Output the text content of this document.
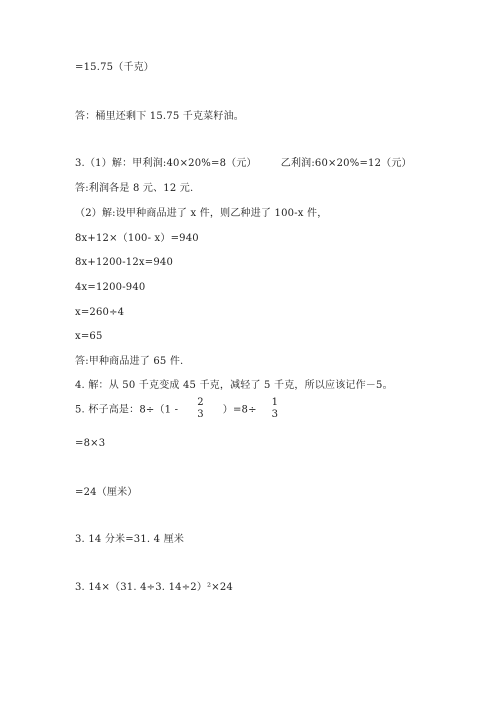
=15.75（千克）
答：桶里还剩下 15.75 千克菜籽油。
3.（1）解：甲利润:40×20%=8（元） 乙利润:60×20%=12（元）
答:利润各是 8 元、12 元.
（2）解:设甲种商品进了 x 件，则乙种进了 100-x 件，
8x+12×（100- x）=940
8x+1200-12x=940
4x=1200-940
x=260÷4
x=65
答:甲种商品进了 65 件.
4. 解：从 50 千克变成 45 千克，减轻了 5 千克，所以应该记作－5。
5. 杯子高是：8÷（1 -
2
3	）=8÷
1
3
=8×3
=24（厘米）
3. 14 分米=31. 4 厘米
3. 14×（31. 4÷3. 14÷2）²×24
